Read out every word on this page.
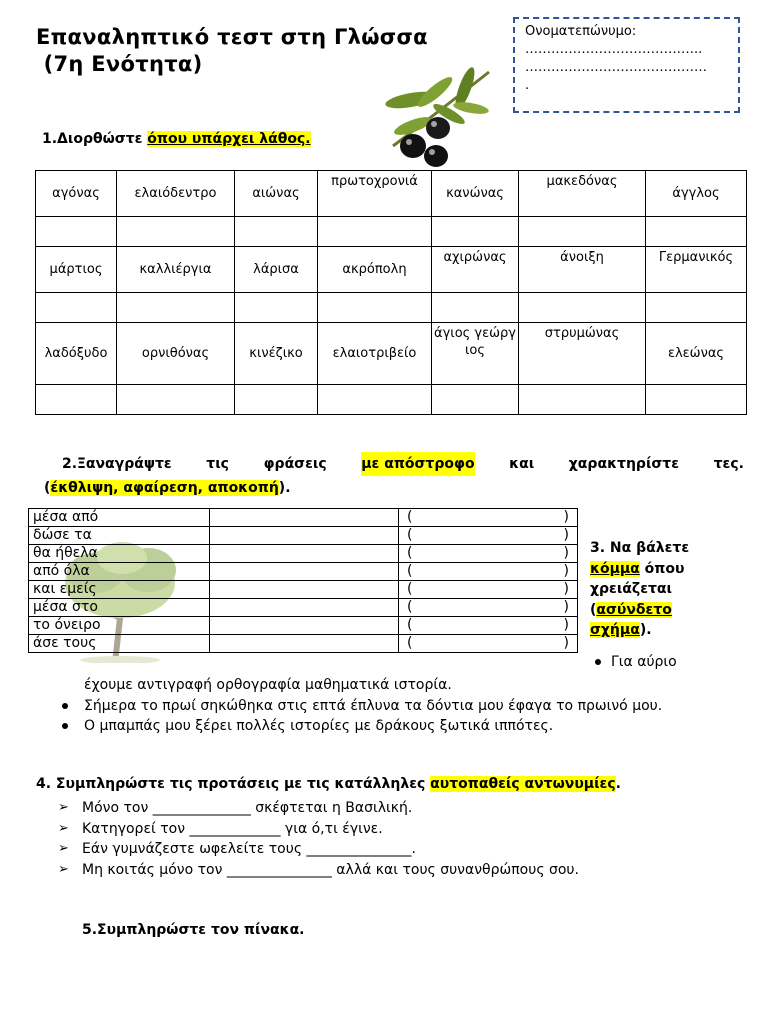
Επαναληπτικό τεστ στη Γλώσσα
(7η Ενότητα)
Ονοματεπώνυμο:
…………………………………..
……………………………………
.
1.Διορθώστε όπου υπάρχει λάθος.
αγόνας	ελαιόδεντρο	αιώνας	πρωτοχρονιά	κανώνας	μακεδόνας	άγγλος

μάρτιος	καλλιέργια	λάρισα	ακρόπολη	αχιρώνας	άνοιξη	Γερμανικός

λαδόξυδο	ορνιθόνας	κινέζικο	ελαιοτριβείο	άγιος γεώργιος	στρυμώνας	ελεώνας

2.Ξαναγράψτε τις φράσεις με απόστροφο και χαρακτηρίστε τες.
(έκθλιψη, αφαίρεση, αποκοπή).
μέσα από		( )

δώσε τα		( )

θα ήθελα		( )

από όλα		( )

και εμείς		( )

μέσα στο		( )

το όνειρο		( )

άσε τους		( )
3. Να βάλετε
κόμμα όπου χρειάζεται
(ασύνδετο σχήμα).
Για αύριο
έχουμε αντιγραφή ορθογραφία μαθηματικά ιστορία.
Σήμερα το πρωί σηκώθηκα στις επτά έπλυνα τα δόντια μου έφαγα το πρωινό μου.
Ο μπαμπάς μου ξέρει πολλές ιστορίες με δράκους ξωτικά ιππότες.
4. Συμπληρώστε τις προτάσεις με τις κατάλληλες αυτοπαθείς αντωνυμίες.
➢ Μόνο τον ______________ σκέφτεται η Βασιλική.
➢ Κατηγορεί τον _____________ για ό,τι έγινε.
➢ Εάν γυμνάζεστε ωφελείτε τους _______________.
➢ Μη κοιτάς μόνο τον _______________ αλλά και τους συνανθρώπους σου.
5.Συμπληρώστε τον πίνακα.
